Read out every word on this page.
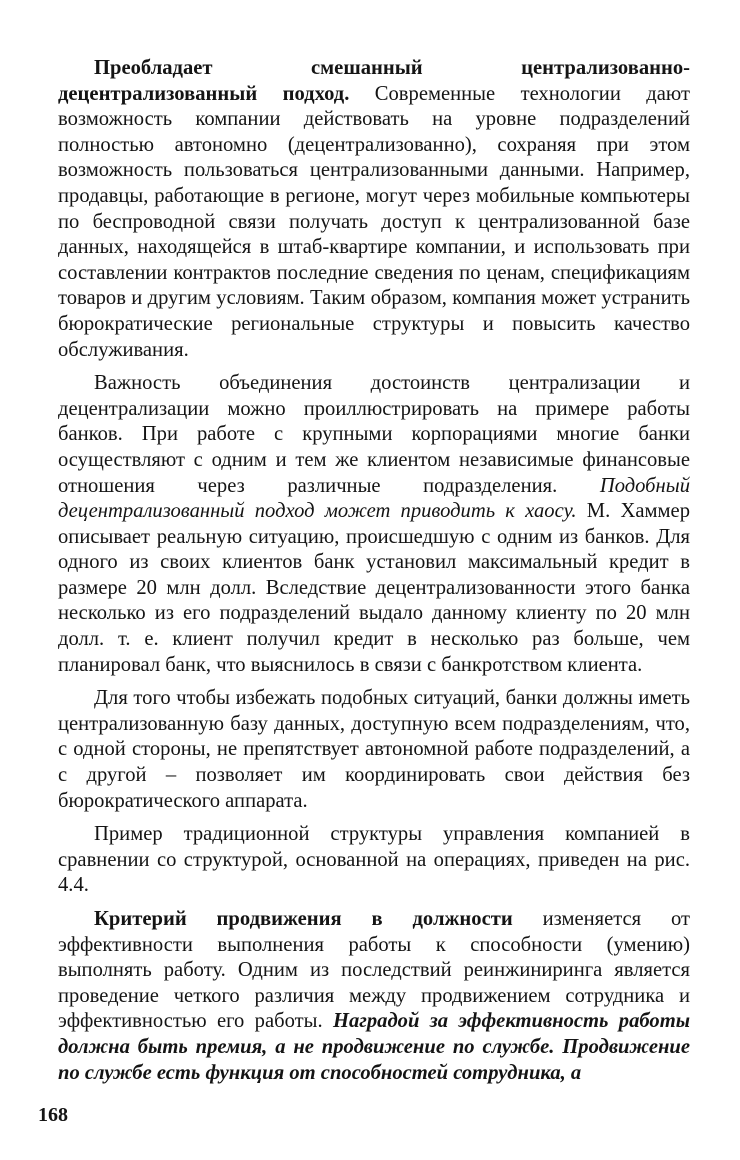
Преобладает смешанный централизованно-децентрализованный подход. Современные технологии дают возможность компании действовать на уровне подразделений полностью автономно (децентрализованно), сохраняя при этом возможность пользоваться централизованными данными. Например, продавцы, работающие в регионе, могут через мобильные компьютеры по беспроводной связи получать доступ к централизованной базе данных, находящейся в штаб-квартире компании, и использовать при составлении контрактов последние сведения по ценам, спецификациям товаров и другим условиям. Таким образом, компания может устранить бюрократические региональные структуры и повысить качество обслуживания.

Важность объединения достоинств централизации и децентрализации можно проиллюстрировать на примере работы банков. При работе с крупными корпорациями многие банки осуществляют с одним и тем же клиентом независимые финансовые отношения через различные подразделения. Подобный децентрализованный подход может приводить к хаосу. М. Хаммер описывает реальную ситуацию, происшедшую с одним из банков. Для одного из своих клиентов банк установил максимальный кредит в размере 20 млн долл. Вследствие децентрализованности этого банка несколько из его подразделений выдало данному клиенту по 20 млн долл. т. е. клиент получил кредит в несколько раз больше, чем планировал банк, что выяснилось в связи с банкротством клиента.

Для того чтобы избежать подобных ситуаций, банки должны иметь централизованную базу данных, доступную всем подразделениям, что, с одной стороны, не препятствует автономной работе подразделений, а с другой – позволяет им координировать свои действия без бюрократического аппарата.

Пример традиционной структуры управления компанией в сравнении со структурой, основанной на операциях, приведен на рис. 4.4.

Критерий продвижения в должности изменяется от эффективности выполнения работы к способности (умению) выполнять работу. Одним из последствий реинжиниринга является проведение четкого различия между продвижением сотрудника и эффективностью его работы. Наградой за эффективность работы должна быть премия, а не продвижение по службе. Продвижение по службе есть функция от способностей сотрудника, а

168
